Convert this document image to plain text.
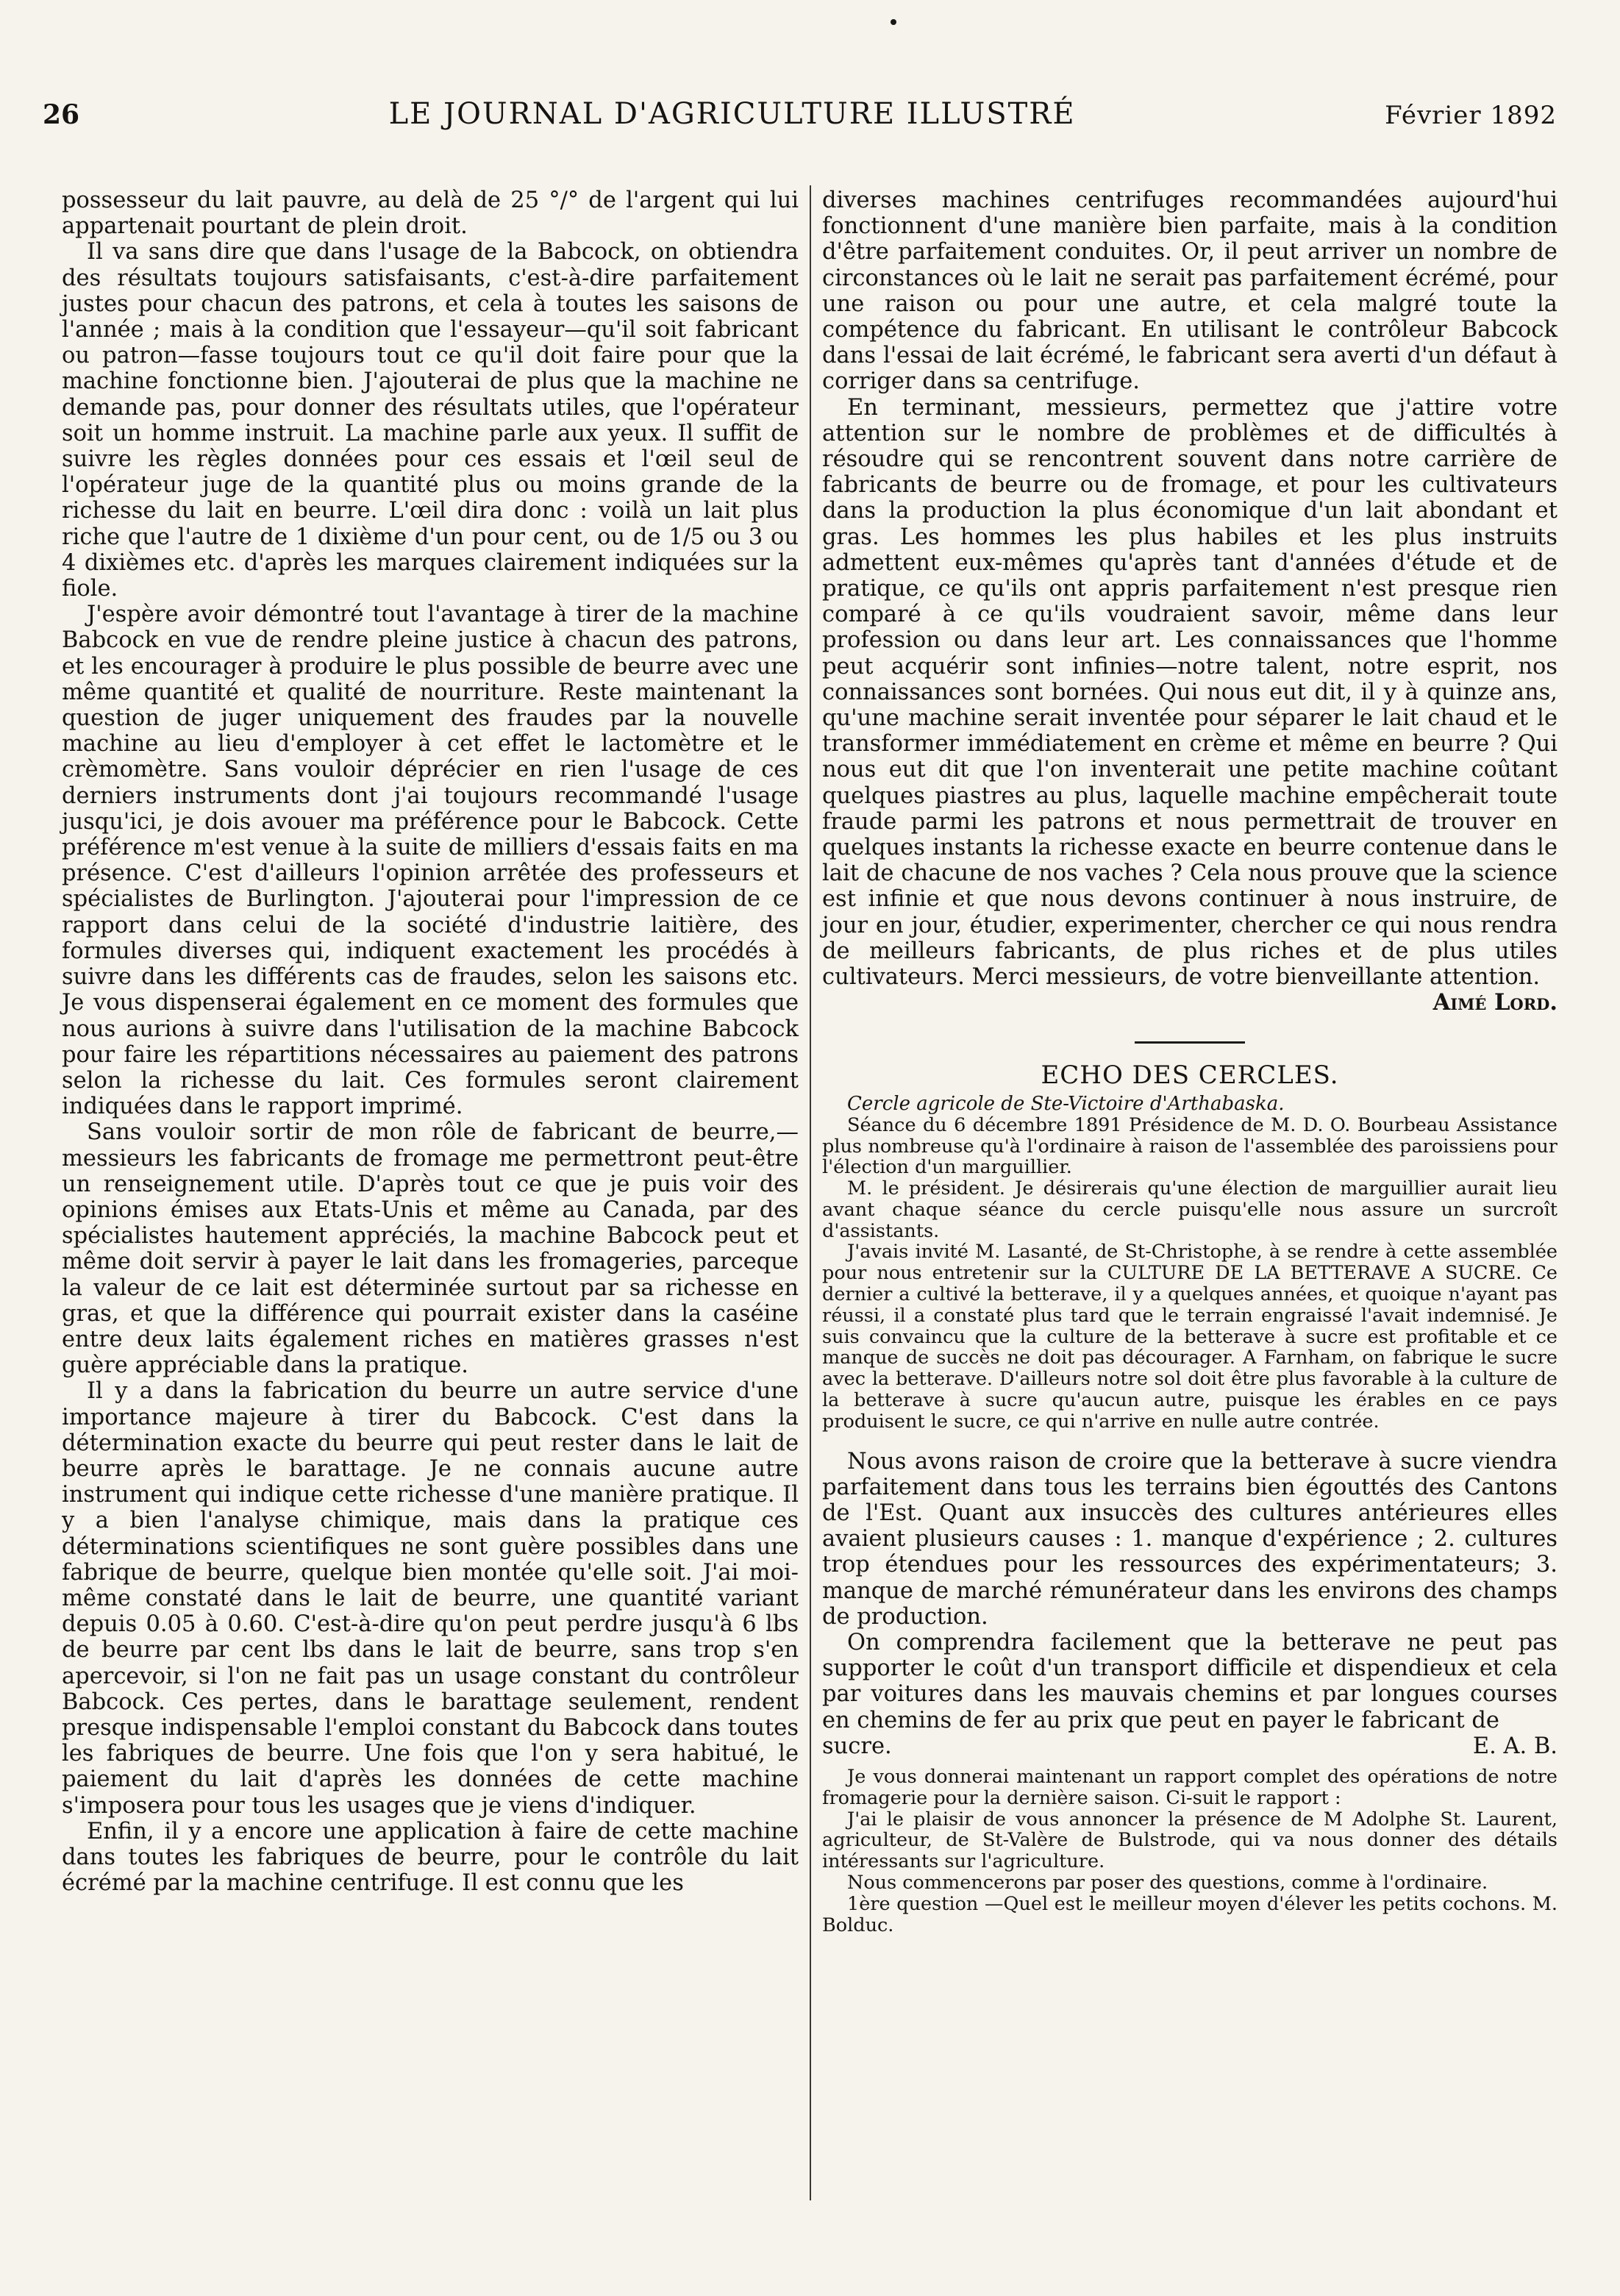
26	LE JOURNAL D'AGRICULTURE ILLUSTRÉ	Février 1892

possesseur du lait pauvre, au delà de 25 °/° de l'argent qui lui appartenait pourtant de plein droit.

Il va sans dire que dans l'usage de la Babcock, on obtiendra des résultats toujours satisfaisants, c'est-à-dire parfaitement justes pour chacun des patrons, et cela à toutes les saisons de l'année ; mais à la condition que l'essayeur—qu'il soit fabricant ou patron—fasse toujours tout ce qu'il doit faire pour que la machine fonctionne bien. J'ajouterai de plus que la machine ne demande pas, pour donner des résultats utiles, que l'opérateur soit un homme instruit. La machine parle aux yeux. Il suffit de suivre les règles données pour ces essais et l'œil seul de l'opérateur juge de la quantité plus ou moins grande de la richesse du lait en beurre. L'œil dira donc : voilà un lait plus riche que l'autre de 1 dixième d'un pour cent, ou de 1/5 ou 3 ou 4 dixièmes etc. d'après les marques clairement indiquées sur la fiole.

J'espère avoir démontré tout l'avantage à tirer de la machine Babcock en vue de rendre pleine justice à chacun des patrons, et les encourager à produire le plus possible de beurre avec une même quantité et qualité de nourriture. Reste maintenant la question de juger uniquement des fraudes par la nouvelle machine au lieu d'employer à cet effet le lactomètre et le crèmomètre. Sans vouloir déprécier en rien l'usage de ces derniers instruments dont j'ai toujours recommandé l'usage jusqu'ici, je dois avouer ma préférence pour le Babcock. Cette préférence m'est venue à la suite de milliers d'essais faits en ma présence. C'est d'ailleurs l'opinion arrêtée des professeurs et spécialistes de Burlington. J'ajouterai pour l'impression de ce rapport dans celui de la société d'industrie laitière, des formules diverses qui, indiquent exactement les procédés à suivre dans les différents cas de fraudes, selon les saisons etc. Je vous dispenserai également en ce moment des formules que nous aurions à suivre dans l'utilisation de la machine Babcock pour faire les répartitions nécessaires au paiement des patrons selon la richesse du lait. Ces formules seront clairement indiquées dans le rapport imprimé.

Sans vouloir sortir de mon rôle de fabricant de beurre,—messieurs les fabricants de fromage me permettront peut-être un renseignement utile. D'après tout ce que je puis voir des opinions émises aux Etats-Unis et même au Canada, par des spécialistes hautement appréciés, la machine Babcock peut et même doit servir à payer le lait dans les fromageries, parceque la valeur de ce lait est déterminée surtout par sa richesse en gras, et que la différence qui pourrait exister dans la caséine entre deux laits également riches en matières grasses n'est guère appréciable dans la pratique.

Il y a dans la fabrication du beurre un autre service d'une importance majeure à tirer du Babcock. C'est dans la détermination exacte du beurre qui peut rester dans le lait de beurre après le barattage. Je ne connais aucune autre instrument qui indique cette richesse d'une manière pratique. Il y a bien l'analyse chimique, mais dans la pratique ces déterminations scientifiques ne sont guère possibles dans une fabrique de beurre, quelque bien montée qu'elle soit. J'ai moi-même constaté dans le lait de beurre, une quantité variant depuis 0.05 à 0.60. C'est-à-dire qu'on peut perdre jusqu'à 6 lbs de beurre par cent lbs dans le lait de beurre, sans trop s'en apercevoir, si l'on ne fait pas un usage constant du contrôleur Babcock. Ces pertes, dans le barattage seulement, rendent presque indispensable l'emploi constant du Babcock dans toutes les fabriques de beurre. Une fois que l'on y sera habitué, le paiement du lait d'après les données de cette machine s'imposera pour tous les usages que je viens d'indiquer.

Enfin, il y a encore une application à faire de cette machine dans toutes les fabriques de beurre, pour le contrôle du lait écrémé par la machine centrifuge. Il est connu que les

diverses machines centrifuges recommandées aujourd'hui fonctionnent d'une manière bien parfaite, mais à la condition d'être parfaitement conduites. Or, il peut arriver un nombre de circonstances où le lait ne serait pas parfaitement écrémé, pour une raison ou pour une autre, et cela malgré toute la compétence du fabricant. En utilisant le contrôleur Babcock dans l'essai de lait écrémé, le fabricant sera averti d'un défaut à corriger dans sa centrifuge.

En terminant, messieurs, permettez que j'attire votre attention sur le nombre de problèmes et de difficultés à résoudre qui se rencontrent souvent dans notre carrière de fabricants de beurre ou de fromage, et pour les cultivateurs dans la production la plus économique d'un lait abondant et gras. Les hommes les plus habiles et les plus instruits admettent eux-mêmes qu'après tant d'années d'étude et de pratique, ce qu'ils ont appris parfaitement n'est presque rien comparé à ce qu'ils voudraient savoir, même dans leur profession ou dans leur art. Les connaissances que l'homme peut acquérir sont infinies—notre talent, notre esprit, nos connaissances sont bornées. Qui nous eut dit, il y à quinze ans, qu'une machine serait inventée pour séparer le lait chaud et le transformer immédiatement en crème et même en beurre ? Qui nous eut dit que l'on inventerait une petite machine coûtant quelques piastres au plus, laquelle machine empêcherait toute fraude parmi les patrons et nous permettrait de trouver en quelques instants la richesse exacte en beurre contenue dans le lait de chacune de nos vaches ? Cela nous prouve que la science est infinie et que nous devons continuer à nous instruire, de jour en jour, étudier, experimenter, chercher ce qui nous rendra de meilleurs fabricants, de plus riches et de plus utiles cultivateurs. Merci messieurs, de votre bienveillante attention.

Aimé Lord.

ECHO DES CERCLES.

Cercle agricole de Ste-Victoire d'Arthabaska.

Séance du 6 décembre 1891 Présidence de M. D. O. Bourbeau Assistance plus nombreuse qu'à l'ordinaire à raison de l'assemblée des paroissiens pour l'élection d'un marguillier.

M. le président. Je désirerais qu'une élection de marguillier aurait lieu avant chaque séance du cercle puisqu'elle nous assure un surcroît d'assistants.

J'avais invité M. Lasanté, de St-Christophe, à se rendre à cette assemblée pour nous entretenir sur la CULTURE DE LA BETTERAVE A SUCRE. Ce dernier a cultivé la betterave, il y a quelques années, et quoique n'ayant pas réussi, il a constaté plus tard que le terrain engraissé l'avait indemnisé. Je suis convaincu que la culture de la betterave à sucre est profitable et ce manque de succès ne doit pas décourager. A Farnham, on fabrique le sucre avec la betterave. D'ailleurs notre sol doit être plus favorable à la culture de la betterave à sucre qu'aucun autre, puisque les érables en ce pays produisent le sucre, ce qui n'arrive en nulle autre contrée.

Nous avons raison de croire que la betterave à sucre viendra parfaitement dans tous les terrains bien égouttés des Cantons de l'Est. Quant aux insuccès des cultures antérieures elles avaient plusieurs causes : 1. manque d'expérience ; 2. cultures trop étendues pour les ressources des expérimentateurs; 3. manque de marché rémunérateur dans les environs des champs de production.

On comprendra facilement que la betterave ne peut pas supporter le coût d'un transport difficile et dispendieux et cela par voitures dans les mauvais chemins et par longues courses en chemins de fer au prix que peut en payer le fabricant de

sucre.	E. A. B.

Je vous donnerai maintenant un rapport complet des opérations de notre fromagerie pour la dernière saison. Ci-suit le rapport :

J'ai le plaisir de vous annoncer la présence de M Adolphe St. Laurent, agriculteur, de St-Valère de Bulstrode, qui va nous donner des détails intéressants sur l'agriculture.

Nous commencerons par poser des questions, comme à l'ordinaire.

1ère question —Quel est le meilleur moyen d'élever les petits cochons. M. Bolduc.
